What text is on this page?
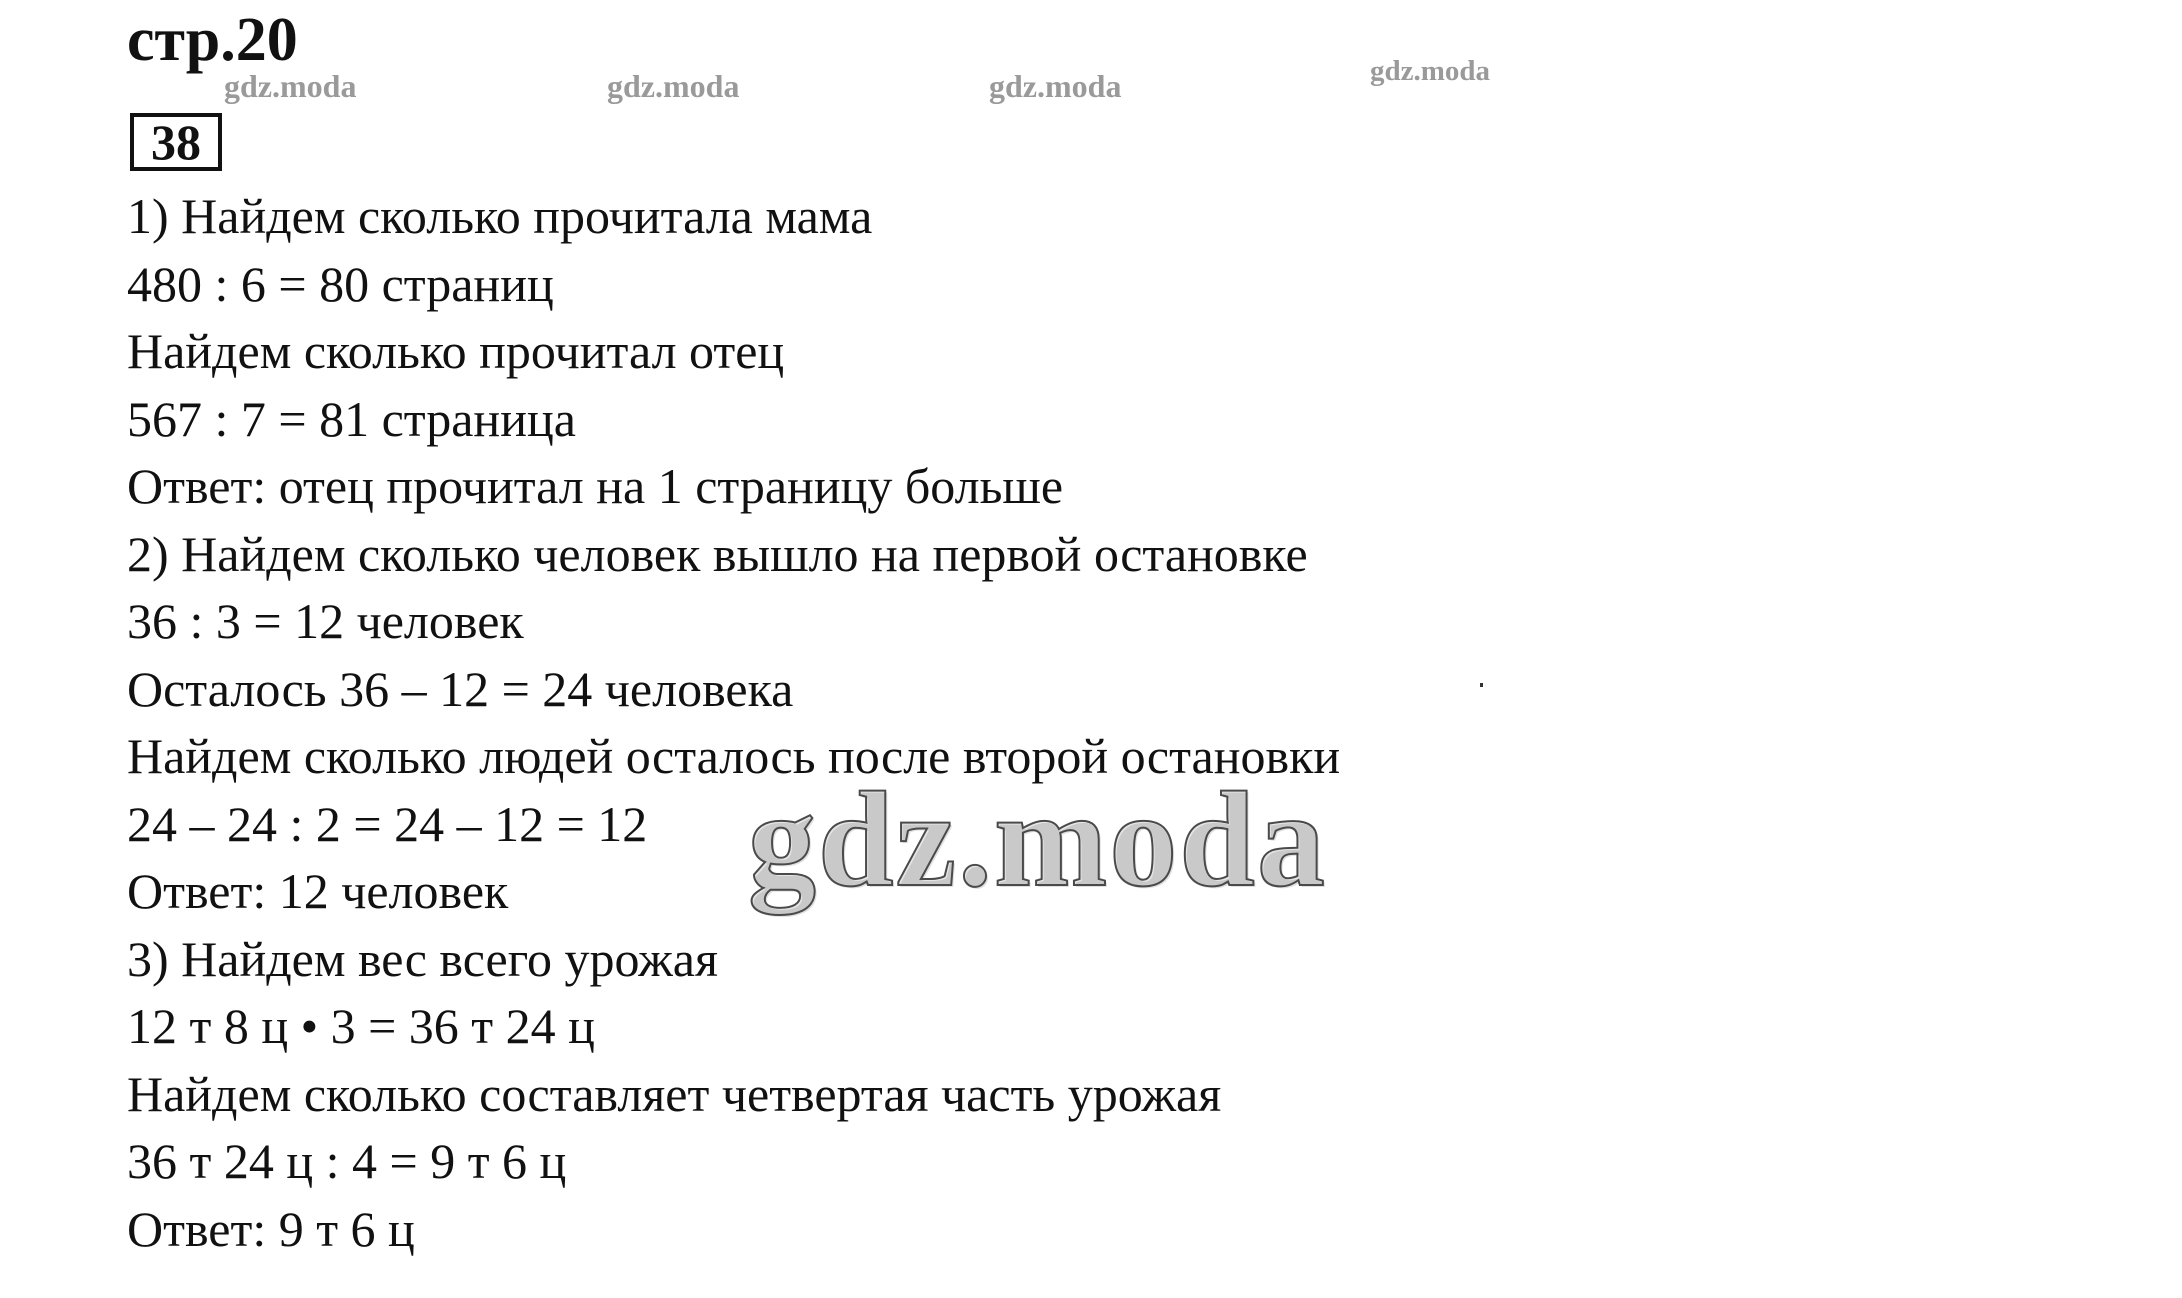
стр.20
gdz.moda	gdz.moda	gdz.moda	gdz.moda
38
1) Найдем сколько прочитала мама
480 : 6 = 80 страниц
Найдем сколько прочитал отец
567 : 7 = 81 страница
Ответ: отец прочитал на 1 страницу больше
2) Найдем сколько человек вышло на первой остановке
36 : 3 = 12 человек
Осталось 36 – 12 = 24 человека
Найдем сколько людей осталось после второй остановки
24 – 24 : 2 = 24 – 12 = 12
Ответ: 12 человек
3) Найдем вес всего урожая
12 т 8 ц • 3 = 36 т 24 ц
Найдем сколько составляет четвертая часть урожая
36 т 24 ц : 4 = 9 т 6 ц
Ответ: 9 т 6 ц
gdz.moda
